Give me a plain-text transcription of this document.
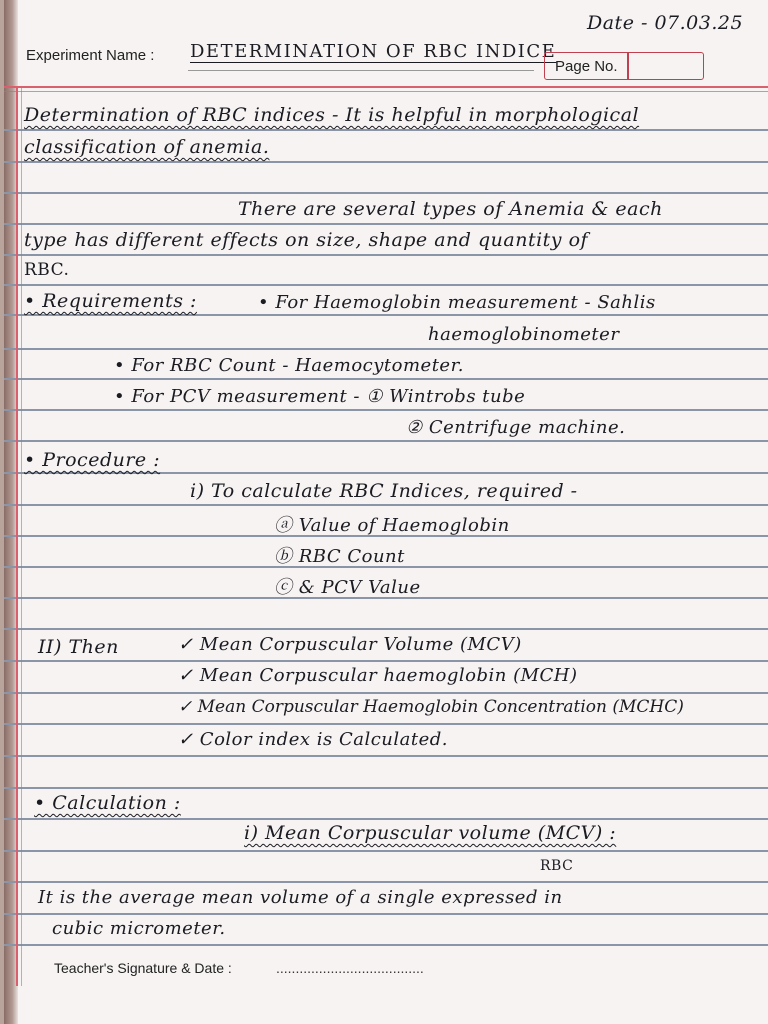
Date - 07.03.25
Experiment Name : DETERMINATION OF RBC INDICE
Page No.
Determination of RBC indices - It is helpful in morphological
classification of anemia.
There are several types of Anemia & each
type has different effects on size, shape and quantity of
RBC.
• Requirements :	• For Haemoglobin measurement - Sahlis
haemoglobinometer
• For RBC Count - Haemocytometer.
• For PCV measurement - ① Wintrobs tube
② Centrifuge machine.
• Procedure :
i) To calculate RBC Indices, required -
ⓐ Value of Haemoglobin
ⓑ RBC Count
ⓒ & PCV Value
II) Then	✓ Mean Corpuscular Volume (MCV)
✓ Mean Corpuscular haemoglobin (MCH)
✓ Mean Corpuscular Haemoglobin Concentration (MCHC)
✓ Color index is Calculated.
• Calculation :
i) Mean Corpuscular volume (MCV) :
RBC
It is the average mean volume of a single expressed in
cubic micrometer.
Teacher's Signature & Date :	......................................
